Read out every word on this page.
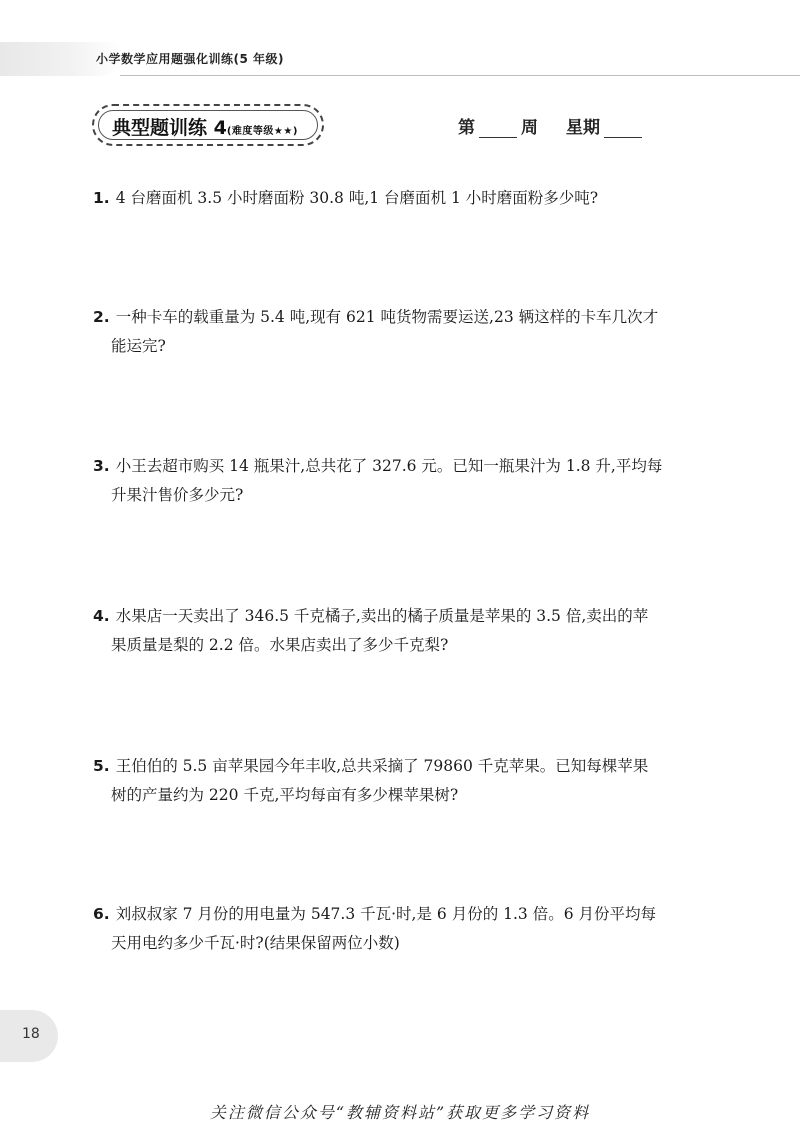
小学数学应用题强化训练(5 年级)
典型题训练 4(难度等级★★)	第	周 星期
1. 4 台磨面机 3.5 小时磨面粉 30.8 吨,1 台磨面机 1 小时磨面粉多少吨?
2. 一种卡车的载重量为 5.4 吨,现有 621 吨货物需要运送,23 辆这样的卡车几次才
能运完?
3. 小王去超市购买 14 瓶果汁,总共花了 327.6 元。已知一瓶果汁为 1.8 升,平均每
升果汁售价多少元?
4. 水果店一天卖出了 346.5 千克橘子,卖出的橘子质量是苹果的 3.5 倍,卖出的苹
果质量是梨的 2.2 倍。水果店卖出了多少千克梨?
5. 王伯伯的 5.5 亩苹果园今年丰收,总共采摘了 79860 千克苹果。已知每棵苹果
树的产量约为 220 千克,平均每亩有多少棵苹果树?
6. 刘叔叔家 7 月份的用电量为 547.3 千瓦·时,是 6 月份的 1.3 倍。6 月份平均每
天用电约多少千瓦·时?(结果保留两位小数)
18
关注微信公众号“教辅资料站”获取更多学习资料
